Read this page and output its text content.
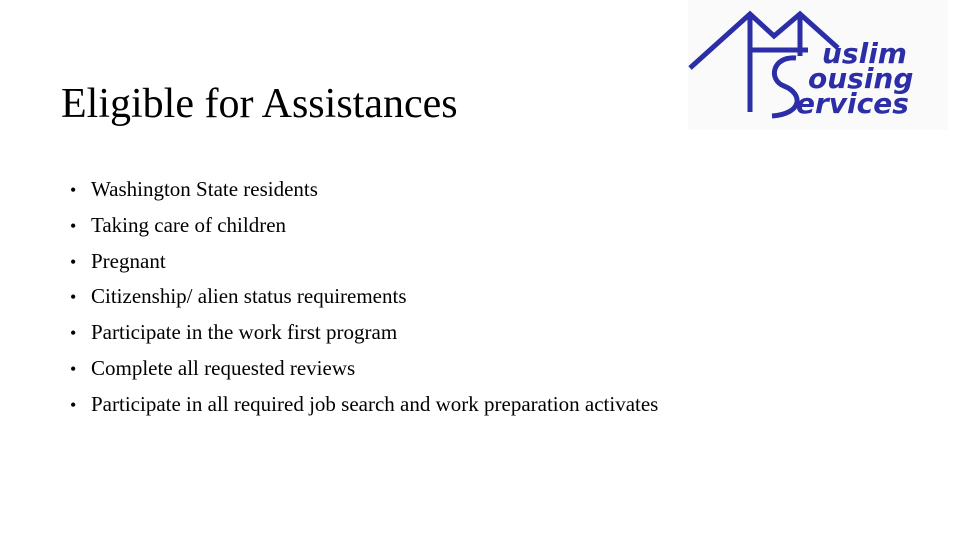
Eligible for Assistances
uslim
ousing
ervices
• Washington State residents
• Taking care of children
• Pregnant
• Citizenship/ alien status requirements
• Participate in the work first program
• Complete all requested reviews
• Participate in all required job search and work preparation activates
